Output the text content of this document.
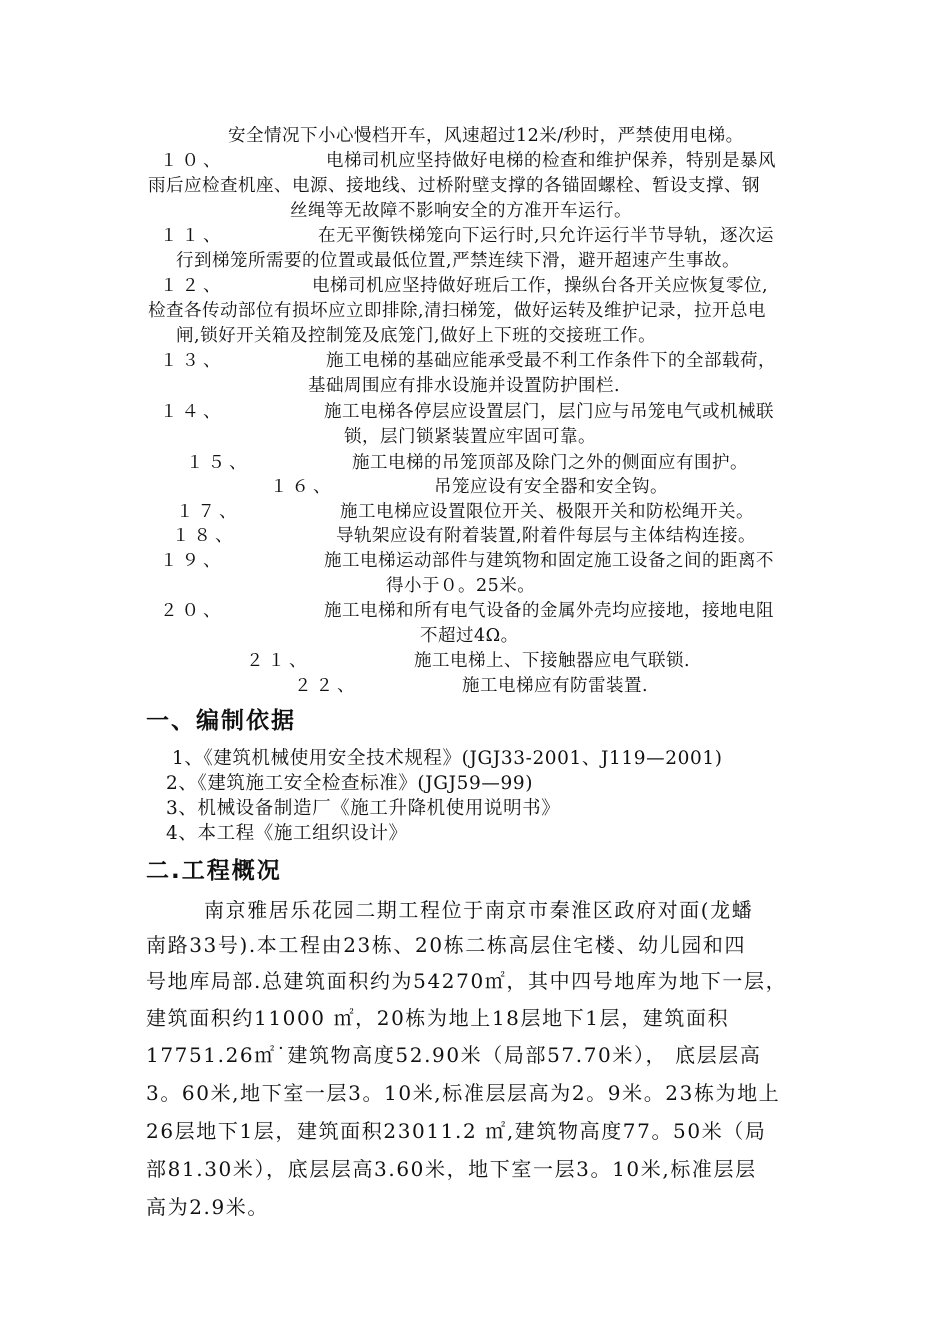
安全情况下小心慢档开车，风速超过12米/秒时，严禁使用电梯。
１０、	电梯司机应坚持做好电梯的检查和维护保养，特别是暴风
雨后应检查机座、电源、接地线、过桥附壁支撑的各锚固螺栓、暂设支撑、钢
丝绳等无故障不影响安全的方准开车运行。
１１、	在无平衡铁梯笼向下运行时,只允许运行半节导轨，逐次运
行到梯笼所需要的位置或最低位置,严禁连续下滑，避开超速产生事故。
１２、	电梯司机应坚持做好班后工作，操纵台各开关应恢复零位,
检查各传动部位有损坏应立即排除,清扫梯笼，做好运转及维护记录，拉开总电
闸,锁好开关箱及控制笼及底笼门,做好上下班的交接班工作。
１３、	施工电梯的基础应能承受最不利工作条件下的全部载荷，
基础周围应有排水设施并设置防护围栏.
１４、	施工电梯各停层应设置层门，层门应与吊笼电气或机械联
锁，层门锁紧装置应牢固可靠。
１５、	施工电梯的吊笼顶部及除门之外的侧面应有围护。
１６、	吊笼应设有安全器和安全钩。
１７、	施工电梯应设置限位开关、极限开关和防松绳开关。
１８、	导轨架应设有附着装置,附着件每层与主体结构连接。
１９、	施工电梯运动部件与建筑物和固定施工设备之间的距离不
得小于０。25米。
２０、	施工电梯和所有电气设备的金属外壳均应接地，接地电阻
不超过4Ω。
２１、	施工电梯上、下接触器应电气联锁.
２２、	施工电梯应有防雷装置.
一、编制依据
1、《建筑机械使用安全技术规程》(JGJ33-2001、J119—2001)
2、《建筑施工安全检查标准》(JGJ59—99)
3、机械设备制造厂《施工升降机使用说明书》
4、本工程《施工组织设计》
二.工程概况
南京雅居乐花园二期工程位于南京市秦淮区政府对面(龙蟠
南路33号).本工程由23栋、20栋二栋高层住宅楼、幼儿园和四
号地库局部.总建筑面积约为54270㎡，其中四号地库为地下一层，
建筑面积约11000 ㎡，20栋为地上18层地下1层，建筑面积
17751.26㎡˙建筑物高度52.90米（局部57.70米）， 底层层高
3。60米,地下室一层3。10米,标准层层高为2。9米。23栋为地上
26层地下1层，建筑面积23011.2 ㎡,建筑物高度77。50米（局
部81.30米），底层层高3.60米，地下室一层3。10米,标准层层
高为2.9米。
